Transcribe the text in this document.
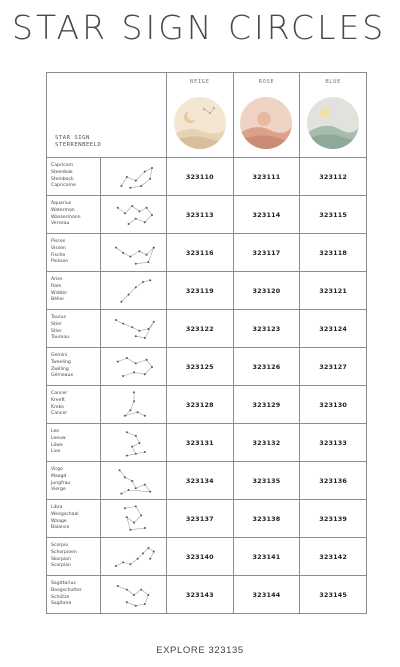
STAR SIGN CIRCLES
STAR SIGN
STERRENBEELD		BEIGE	ROSE	BLUE

Capricorn
Steenbok
Steinbock
Capricorne		323110	323111	323112

Aquarius
Waterman
Wassermann
Verseau		323113	323114	323115

Pisces
Vissen
Fische
Poisson		323116	323117	323118

Aries
Ram
Widder
Bélier		323119	323120	323121

Taurus
Stier
Stier
Taureau		323122	323123	323124

Gemini
Tweeling
Zwilling
Gémeaux		323125	323126	323127

Cancer
Kreeft
Krebs
Cancer		323128	323129	323130

Leo
Leeuw
Löwe
Lion		323131	323132	323133

Virgo
Maagd
Jungfrau
Vierge		323134	323135	323136

Libra
Weegschaal
Waage
Balance		323137	323138	323139

Scorpio
Schorpioen
Skorpion
Scorpion		323140	323141	323142

Sagittarius
Boogschutter
Schütze
Sagitaire		323143	323144	323145
EXPLORE 323135
